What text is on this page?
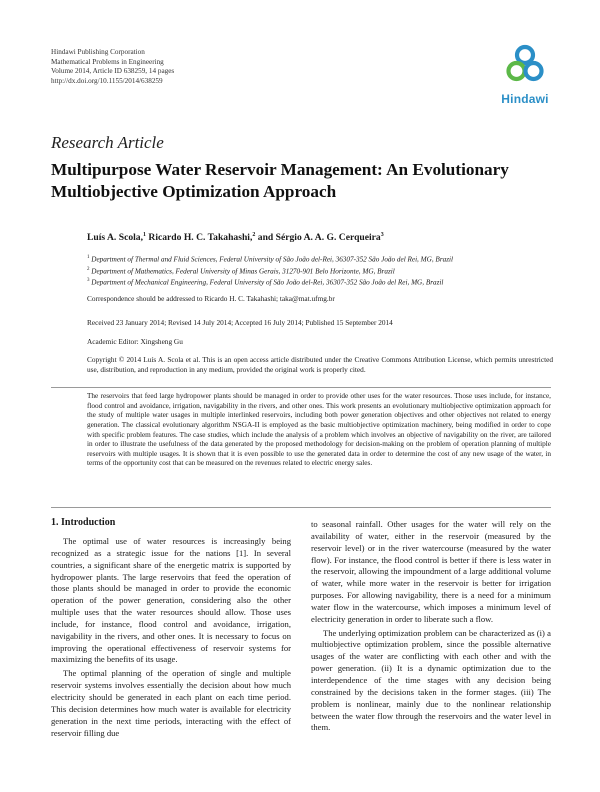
Hindawi Publishing Corporation
Mathematical Problems in Engineering
Volume 2014, Article ID 638259, 14 pages
http://dx.doi.org/10.1155/2014/638259
Hindawi
Research Article
Multipurpose Water Reservoir Management: An Evolutionary
Multiobjective Optimization Approach
Luís A. Scola,$^1$ Ricardo H. C. Takahashi,$^2$ and Sérgio A. A. G. Cerqueira$^3$
$^1$ Department of Thermal and Fluid Sciences, Federal University of São João del-Rei, 36307-352 São João del Rei, MG, Brazil
$^2$ Department of Mathematics, Federal University of Minas Gerais, 31270-901 Belo Horizonte, MG, Brazil
$^3$ Department of Mechanical Engineering, Federal University of São João del-Rei, 36307-352 São João del Rei, MG, Brazil
Correspondence should be addressed to Ricardo H. C. Takahashi; taka@mat.ufmg.br
Received 23 January 2014; Revised 14 July 2014; Accepted 16 July 2014; Published 15 September 2014
Academic Editor: Xingsheng Gu
Copyright © 2014 Luís A. Scola et al. This is an open access article distributed under the Creative Commons Attribution License, which permits unrestricted use, distribution, and reproduction in any medium, provided the original work is properly cited.
The reservoirs that feed large hydropower plants should be managed in order to provide other uses for the water resources. Those uses include, for instance, flood control and avoidance, irrigation, navigability in the rivers, and other ones. This work presents an evolutionary multiobjective optimization approach for the study of multiple water usages in multiple interlinked reservoirs, including both power generation objectives and other objectives not related to energy generation. The classical evolutionary algorithm NSGA-II is employed as the basic multiobjective optimization machinery, being modified in order to cope with specific problem features. The case studies, which include the analysis of a problem which involves an objective of navigability on the river, are tailored in order to illustrate the usefulness of the data generated by the proposed methodology for decision-making on the problem of operation planning of multiple reservoirs with multiple usages. It is shown that it is even possible to use the generated data in order to determine the cost of any new usage of the water, in terms of the opportunity cost that can be measured on the revenues related to electric energy sales.
1. Introduction

The optimal use of water resources is increasingly being recognized as a strategic issue for the nations [1]. In several countries, a significant share of the energetic matrix is supported by hydropower plants. The large reservoirs that feed the operation of those plants should be managed in order to provide the economic operation of the power generation, considering also the other multiple uses that the water resources should allow. Those uses include, for instance, flood control and avoidance, irrigation, navigability in the rivers, and other ones. It is necessary to focus on improving the operational effectiveness of reservoir systems for maximizing the benefits of its usage.

The optimal planning of the operation of single and multiple reservoir systems involves essentially the decision about how much electricity should be generated in each plant on each time period. This decision determines how much water is available for electricity generation in the next time periods, interacting with the effect of reservoir filling due

to seasonal rainfall. Other usages for the water will rely on the availability of water, either in the reservoir (measured by the reservoir level) or in the river watercourse (measured by the water flow). For instance, the flood control is better if there is less water in the reservoir, allowing the impoundment of a large additional volume of water, while more water in the reservoir is better for irrigation purposes. For allowing navigability, there is a need for a minimum water flow in the watercourse, which imposes a minimum level of electricity generation in order to liberate such a flow.

The underlying optimization problem can be characterized as (i) a multiobjective optimization problem, since the possible alternative usages of the water are conflicting with each other and with the power generation. (ii) It is a dynamic optimization due to the interdependence of the time stages with any decision being constrained by the decisions taken in the former stages. (iii) The problem is nonlinear, mainly due to the nonlinear relationship between the water flow through the reservoirs and the water level in them.
